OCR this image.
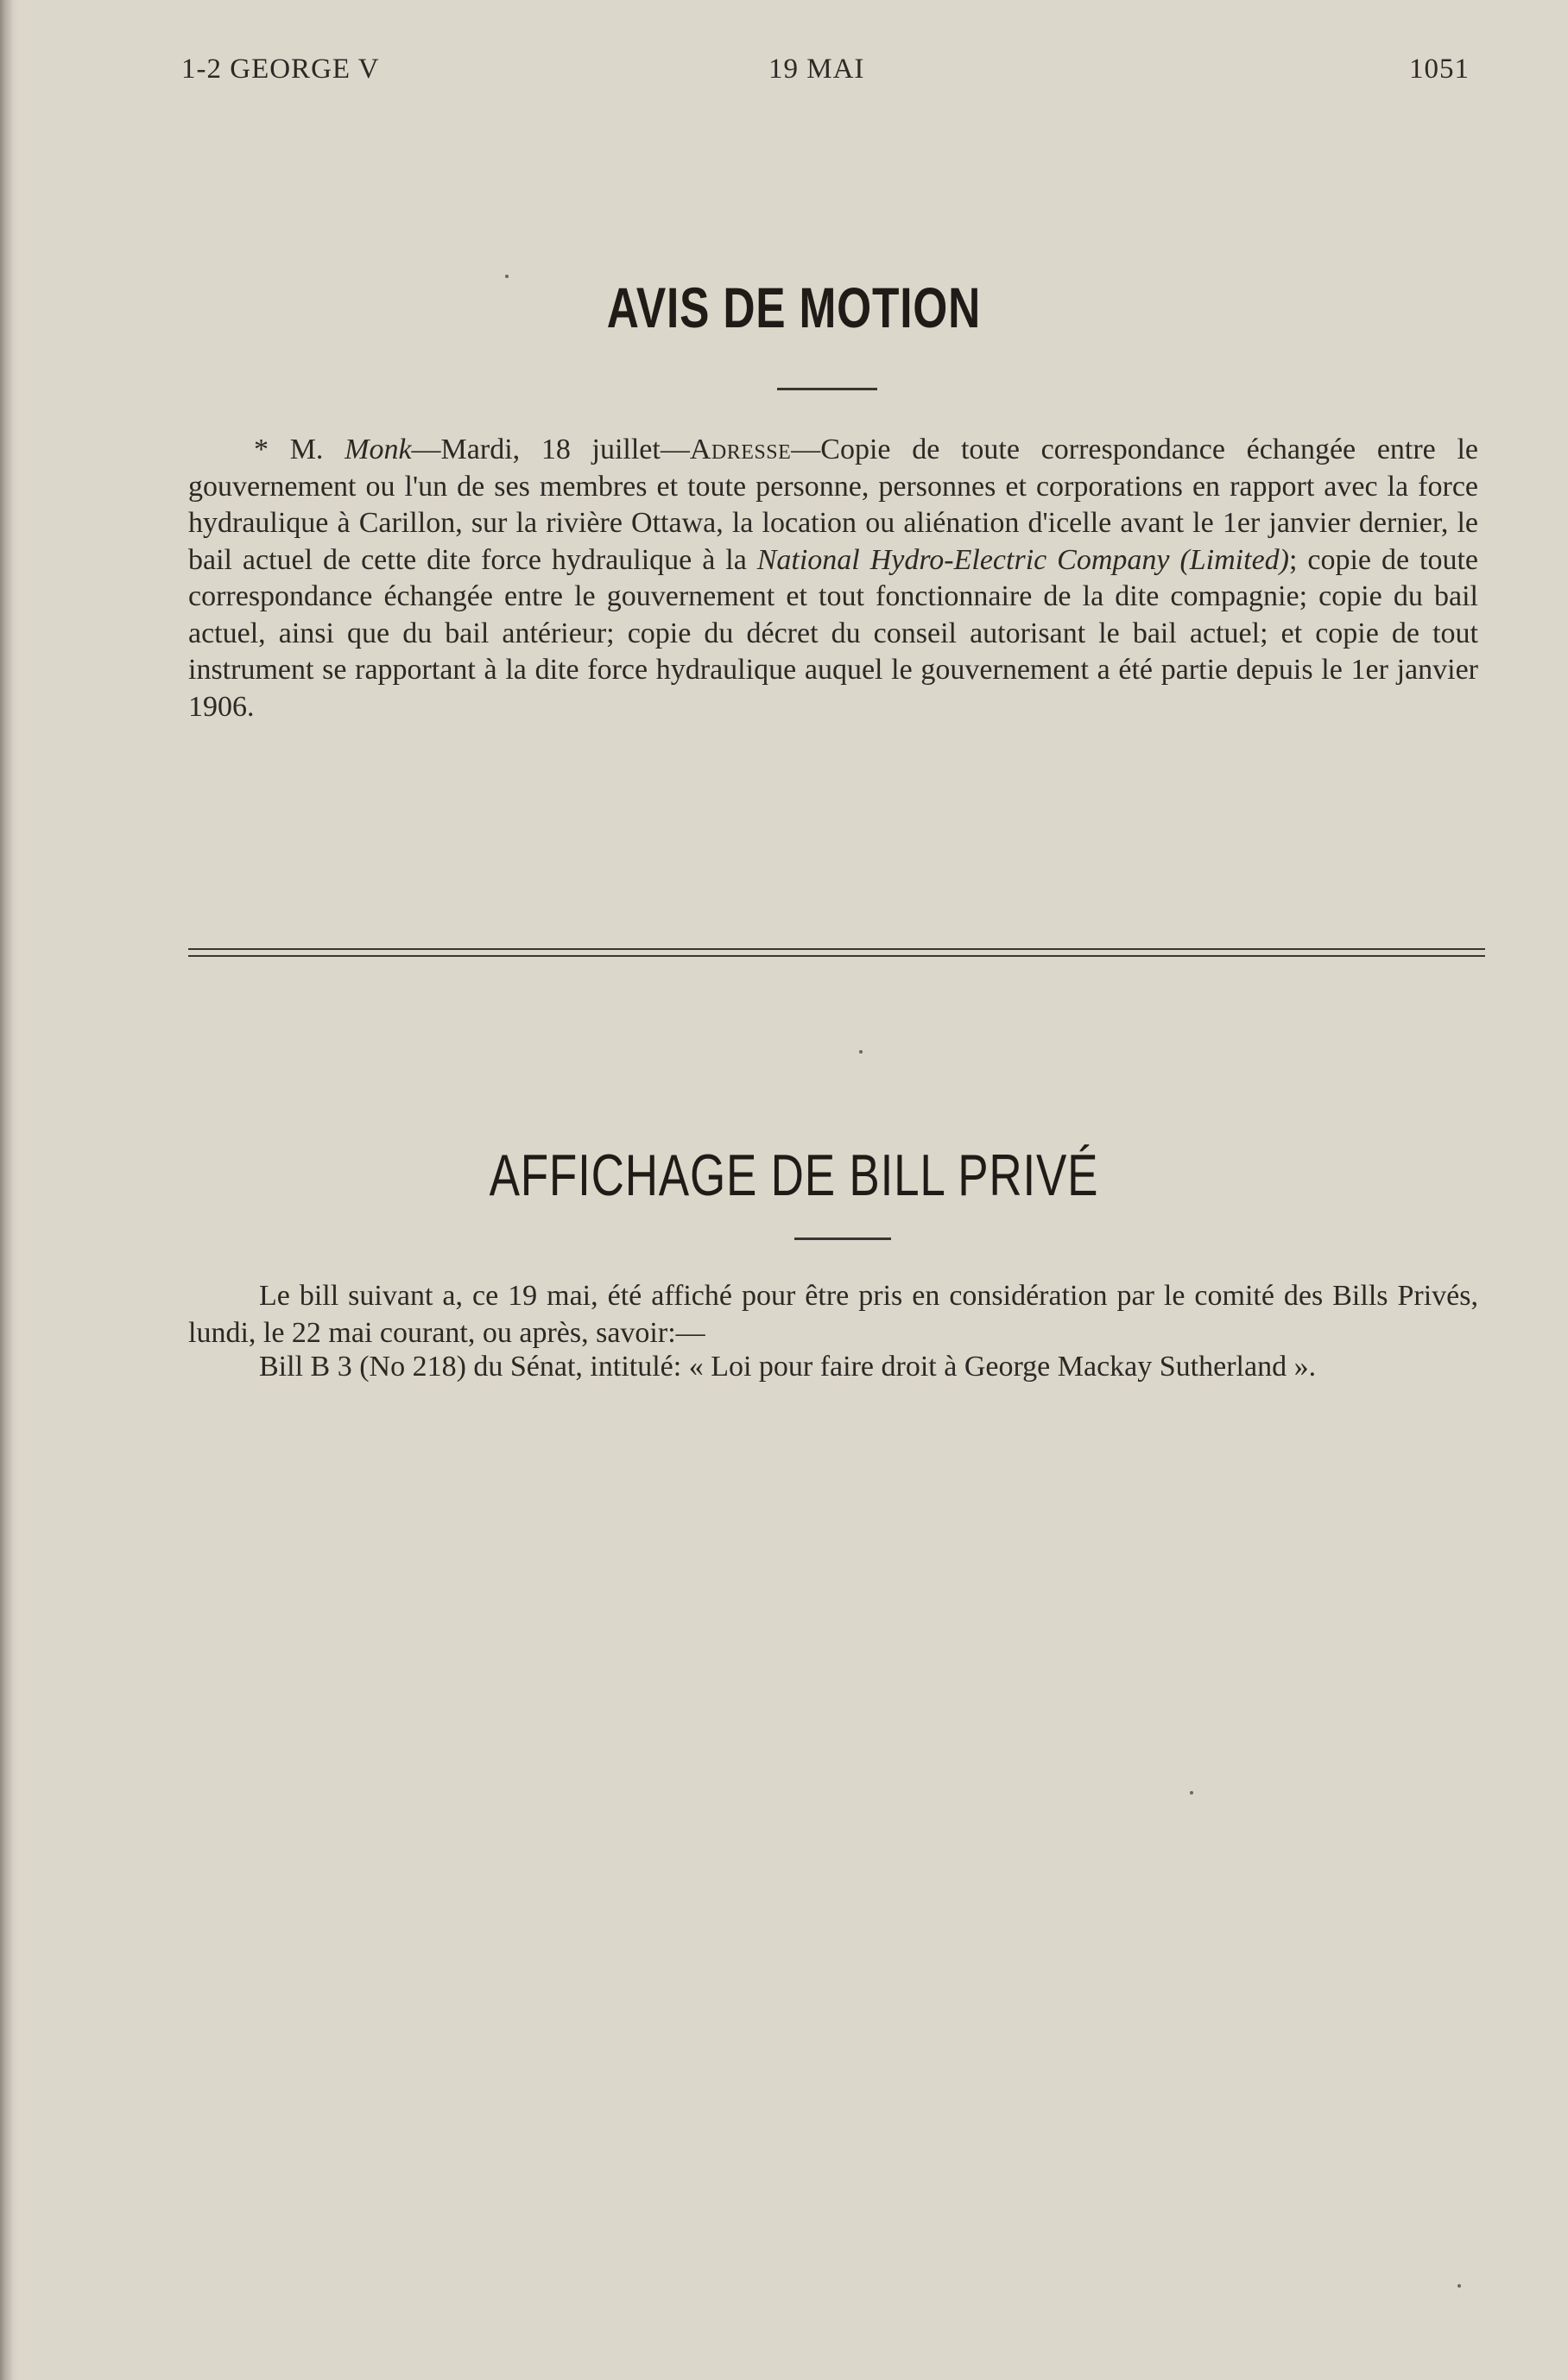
1-2 GEORGE V	19 MAI	1051
AVIS DE MOTION
* M. Monk—Mardi, 18 juillet—Adresse—Copie de toute correspondance échangée entre le gouvernement ou l'un de ses membres et toute personne, personnes et corporations en rapport avec la force hydraulique à Carillon, sur la rivière Ottawa, la location ou aliénation d'icelle avant le 1er janvier dernier, le bail actuel de cette dite force hydraulique à la National Hydro-Electric Company (Limited); copie de toute correspondance échangée entre le gouvernement et tout fonctionnaire de la dite compagnie; copie du bail actuel, ainsi que du bail antérieur; copie du décret du conseil autorisant le bail actuel; et copie de tout instrument se rapportant à la dite force hydraulique auquel le gouvernement a été partie depuis le 1er janvier 1906.
AFFICHAGE DE BILL PRIVÉ
Le bill suivant a, ce 19 mai, été affiché pour être pris en considération par le comité des Bills Privés, lundi, le 22 mai courant, ou après, savoir:—
Bill B 3 (No 218) du Sénat, intitulé: « Loi pour faire droit à George Mackay Sutherland ».
